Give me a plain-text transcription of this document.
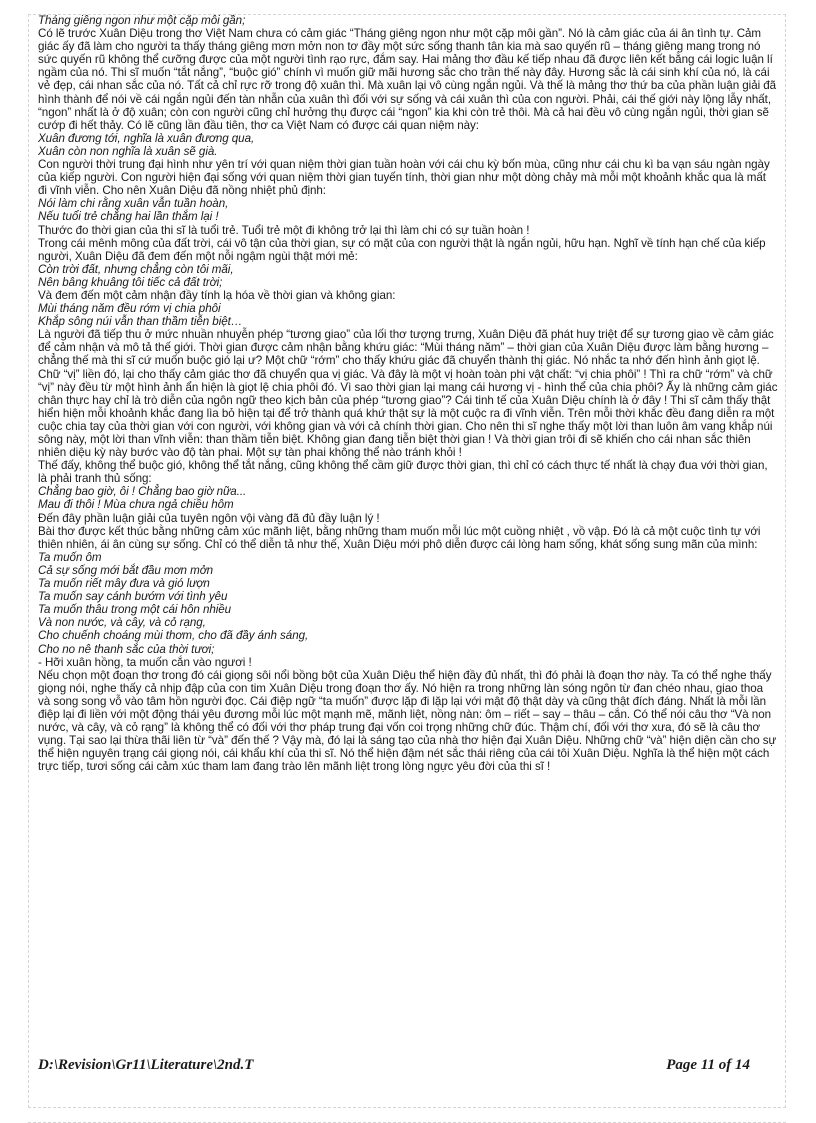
Tháng giêng ngon như một cặp môi gần;

Có lẽ trước Xuân Diệu trong thơ Việt Nam chưa có cảm giác “Tháng giêng ngon như một cặp môi gần”. Nó là cảm giác của ái ân tình tự. Cảm giác ấy đã làm cho người ta thấy tháng giêng mơn mởn non tơ đầy một sức sống thanh tân kia mà sao quyến rũ – tháng giêng mang trong nó sức quyến rũ không thể cưỡng được của một người tình rạo rực, đắm say. Hai mảng thơ đầu kế tiếp nhau đã được liên kết bằng cái logic luận lí ngầm của nó. Thi sĩ muốn “tắt nắng”, “buộc gió” chính vì muốn giữ mãi hương sắc cho trần thế này đây. Hương sắc là cái sinh khí của nó, là cái vẻ đẹp, cái nhan sắc của nó. Tất cả chỉ rực rỡ trong độ xuân thì. Mà xuân lại vô cùng ngắn ngủi. Và thế là mảng thơ thứ ba của phần luận giải đã hình thành để nói về cái ngắn ngủi đến tàn nhẫn của xuân thì đối với sự sống và cái xuân thì của con người. Phải, cái thế giới này lộng lẫy nhất, “ngon” nhất là ở độ xuân; còn con người cũng chỉ hưởng thụ được cái “ngon” kia khi còn trẻ thôi. Mà cả hai đều vô cùng ngắn ngủi, thời gian sẽ cướp đi hết thảy. Có lẽ cũng lần đầu tiên, thơ ca Việt Nam có được cái quan niệm này:

Xuân đương tới, nghĩa là xuân đương qua,

Xuân còn non nghĩa là xuân sẽ già.

Con người thời trung đại hình như yên trí với quan niệm thời gian tuần hoàn với cái chu kỳ bốn mùa, cũng như cái chu kì ba vạn sáu ngàn ngày của kiếp người. Con người hiện đại sống với quan niệm thời gian tuyến tính, thời gian như một dòng chảy mà mỗi một khoảnh khắc qua là mất đi vĩnh viễn. Cho nên Xuân Diệu đã nồng nhiệt phủ định:

Nói làm chi rằng xuân vẫn tuần hoàn,

Nếu tuổi trẻ chẳng hai lần thắm lại !

Thước đo thời gian của thi sĩ là tuổi trẻ. Tuổi trẻ một đi không trở lại thì làm chi có sự tuần hoàn !

Trong cái mênh mông của đất trời, cái vô tận của thời gian, sự có mặt của con người thật là ngắn ngủi, hữu hạn. Nghĩ về tính hạn chế của kiếp người, Xuân Diệu đã đem đến một nỗi ngậm ngùi thật mới mẻ:

Còn trời đất, nhưng chẳng còn tôi mãi,

Nên bâng khuâng tôi tiếc cả đất trời;

Và đem đến một cảm nhận đầy tính lạ hóa về thời gian và không gian:

Mùi tháng năm đều rớm vị chia phôi

Khắp sông núi vẫn than thầm tiễn biệt…

Là người đã tiếp thu ở mức nhuần nhuyễn phép “tương giao” của lối thơ tượng trưng, Xuân Diệu đã phát huy triệt để sự tương giao về cảm giác để cảm nhận và mô tả thế giới. Thời gian được cảm nhận bằng khứu giác: “Mùi tháng năm” – thời gian của Xuân Diệu được làm bằng hương – chẳng thế mà thi sĩ cứ muốn buộc gió lại ư? Một chữ “rớm” cho thấy khứu giác đã chuyển thành thị giác. Nó nhắc ta nhớ đến hình ảnh giọt lệ. Chữ “vị” liền đó, lại cho thấy cảm giác thơ đã chuyển qua vị giác. Và đây là một vị hoàn toàn phi vật chất: “vị chia phôi” ! Thì ra chữ “rớm” và chữ “vị” này đều từ một hình ảnh ẩn hiện là giọt lệ chia phôi đó. Vì sao thời gian lại mang cái hương vị - hình thể của chia phôi? Ấy là những cảm giác chân thực hay chỉ là trò diễn của ngôn ngữ theo kịch bản của phép “tương giao”? Cái tinh tế của Xuân Diệu chính là ở đây ! Thi sĩ cảm thấy thật hiển hiện mỗi khoảnh khắc đang lìa bỏ hiện tại để trở thành quá khứ thật sự là một cuộc ra đi vĩnh viễn. Trên mỗi thời khắc đều đang diễn ra một cuộc chia tay của thời gian với con người, với không gian và với cả chính thời gian. Cho nên thi sĩ nghe thấy một lời than luôn âm vang khắp núi sông này, một lời than vĩnh viễn: than thầm tiễn biệt. Không gian đang tiễn biệt thời gian ! Và thời gian trôi đi sẽ khiến cho cái nhan sắc thiên nhiên diệu kỳ này bước vào độ tàn phai. Một sự tàn phai không thể nào tránh khỏi !

Thế đấy, không thể buộc gió, không thể tắt nắng, cũng không thể cầm giữ được thời gian, thì chỉ có cách thực tế nhất là chạy đua với thời gian, là phải tranh thủ sống:

Chẳng bao giờ, ôi ! Chẳng bao giờ nữa...

Mau đi thôi ! Mùa chưa ngả chiều hôm

Đến đây phần luận giải của tuyên ngôn vội vàng đã đủ đầy luận lý !

Bài thơ được kết thúc bằng những cảm xúc mãnh liệt, bằng những tham muốn mỗi lúc một cuồng nhiệt , vồ vập. Đó là cả một cuộc tình tự với thiên nhiên, ái ân cùng sự sống. Chỉ có thể diễn tả như thế, Xuân Diệu mới phô diễn được cái lòng ham sống, khát sống sung mãn của mình:

Ta muốn ôm

Cả sự sống mới bắt đầu mơn mởn

Ta muốn riết mây đưa và gió lượn

Ta muốn say cánh bướm với tình yêu

Ta muốn thâu trong một cái hôn nhiều

Và non nước, và cây, và cỏ rạng,

Cho chuếnh choáng mùi thơm, cho đã đầy ánh sáng,

Cho no nê thanh sắc của thời tươi;

- Hỡi xuân hồng, ta muốn cắn vào ngươi !

Nếu chọn một đoạn thơ trong đó cái giọng sôi nổi bồng bột của Xuân Diệu thể hiện đầy đủ nhất, thì đó phải là đoạn thơ này. Ta có thể nghe thấy giọng nói, nghe thấy cả nhịp đập của con tim Xuân Diệu trong đoạn thơ ấy. Nó hiện ra trong những làn sóng ngôn từ đan chéo nhau, giao thoa và song song vỗ vào tâm hồn người đọc. Cái điệp ngữ “ta muốn” được lặp đi lặp lại với mật độ thật dày và cũng thật đích đáng. Nhất là mỗi lần điệp lại đi liền với một động thái yêu đương mỗi lúc một mạnh mẽ, mãnh liệt, nồng nàn: ôm – riết – say – thâu – cắn. Có thể nói câu thơ “Và non nước, và cây, và cỏ rạng” là không thể có đối với thơ pháp trung đại vốn coi trọng những chữ đúc. Thậm chí, đối với thơ xưa, đó sẽ là câu thơ vụng. Tại sao lại thừa thãi liên từ “và” đến thế ? Vậy mà, đó lại là sáng tạo của nhà thơ hiện đại Xuân Diệu. Những chữ “và” hiện diện cần cho sự thể hiện nguyên trạng cái giọng nói, cái khẩu khí của thi sĩ. Nó thể hiện đậm nét sắc thái riêng của cái tôi Xuân Diệu. Nghĩa là thể hiện một cách trực tiếp, tươi sống cái cảm xúc tham lam đang trào lên mãnh liệt trong lòng ngực yêu đời của thi sĩ !

D:\Revision\Gr11\Literature\2nd.T	Page 11 of 14
